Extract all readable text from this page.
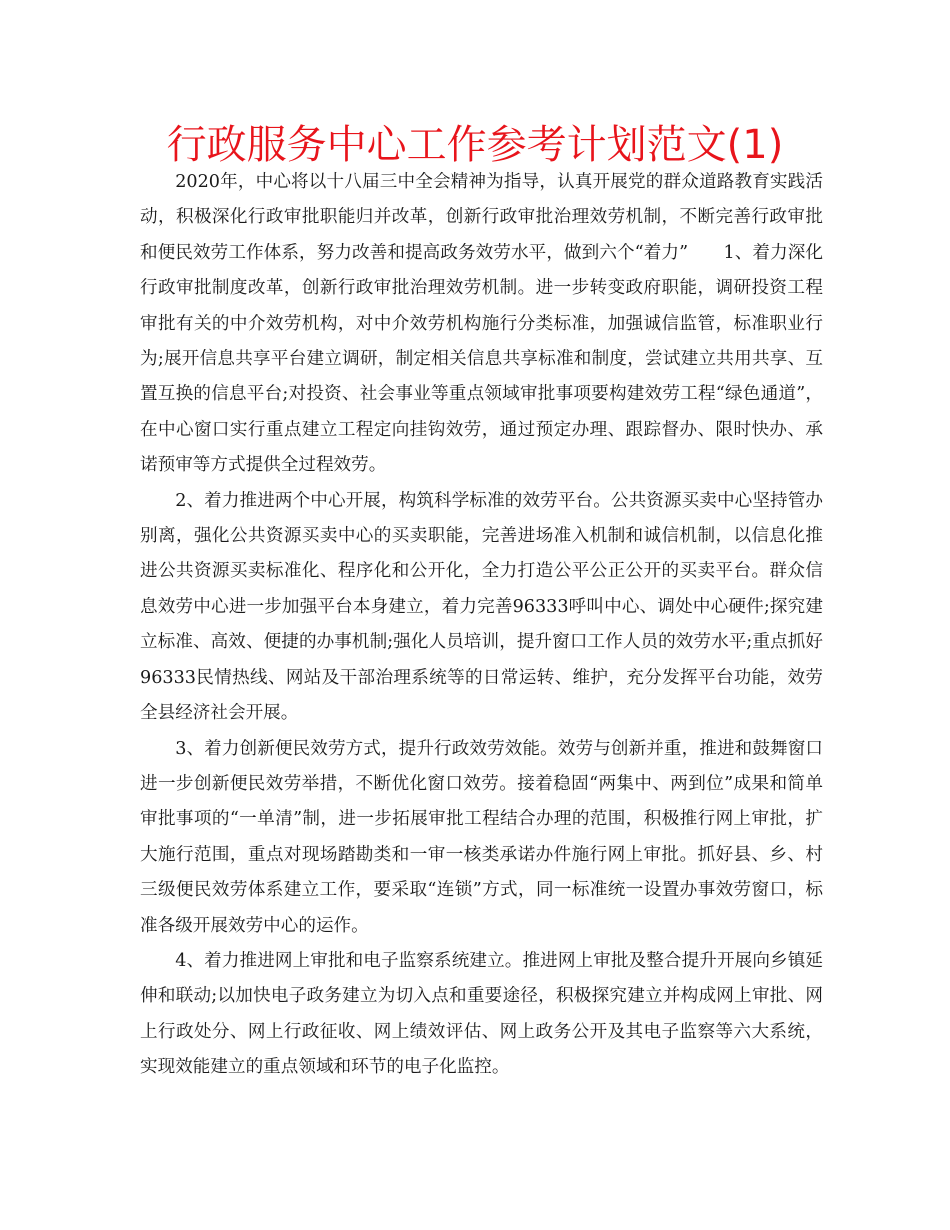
行政服务中心工作参考计划范文(1)

2020年，中心将以十八届三中全会精神为指导，认真开展党的群众道路教育实践活动，积极深化行政审批职能归并改革，创新行政审批治理效劳机制，不断完善行政审批和便民效劳工作体系，努力改善和提高政务效劳水平，做到六个“着力”　　1、着力深化行政审批制度改革，创新行政审批治理效劳机制。进一步转变政府职能，调研投资工程审批有关的中介效劳机构，对中介效劳机构施行分类标准，加强诚信监管，标准职业行为;展开信息共享平台建立调研，制定相关信息共享标准和制度，尝试建立共用共享、互置互换的信息平台;对投资、社会事业等重点领域审批事项要构建效劳工程“绿色通道”，在中心窗口实行重点建立工程定向挂钩效劳，通过预定办理、跟踪督办、限时快办、承诺预审等方式提供全过程效劳。

2、着力推进两个中心开展，构筑科学标准的效劳平台。公共资源买卖中心坚持管办别离，强化公共资源买卖中心的买卖职能，完善进场准入机制和诚信机制，以信息化推进公共资源买卖标准化、程序化和公开化，全力打造公平公正公开的买卖平台。群众信息效劳中心进一步加强平台本身建立，着力完善96333呼叫中心、调处中心硬件;探究建立标准、高效、便捷的办事机制;强化人员培训，提升窗口工作人员的效劳水平;重点抓好96333民情热线、网站及干部治理系统等的日常运转、维护，充分发挥平台功能，效劳全县经济社会开展。

3、着力创新便民效劳方式，提升行政效劳效能。效劳与创新并重，推进和鼓舞窗口进一步创新便民效劳举措，不断优化窗口效劳。接着稳固“两集中、两到位”成果和简单审批事项的“一单清”制，进一步拓展审批工程结合办理的范围，积极推行网上审批，扩大施行范围，重点对现场踏勘类和一审一核类承诺办件施行网上审批。抓好县、乡、村三级便民效劳体系建立工作，要采取“连锁”方式，同一标准统一设置办事效劳窗口，标准各级开展效劳中心的运作。

4、着力推进网上审批和电子监察系统建立。推进网上审批及整合提升开展向乡镇延伸和联动;以加快电子政务建立为切入点和重要途径，积极探究建立并构成网上审批、网上行政处分、网上行政征收、网上绩效评估、网上政务公开及其电子监察等六大系统，实现效能建立的重点领域和环节的电子化监控。
